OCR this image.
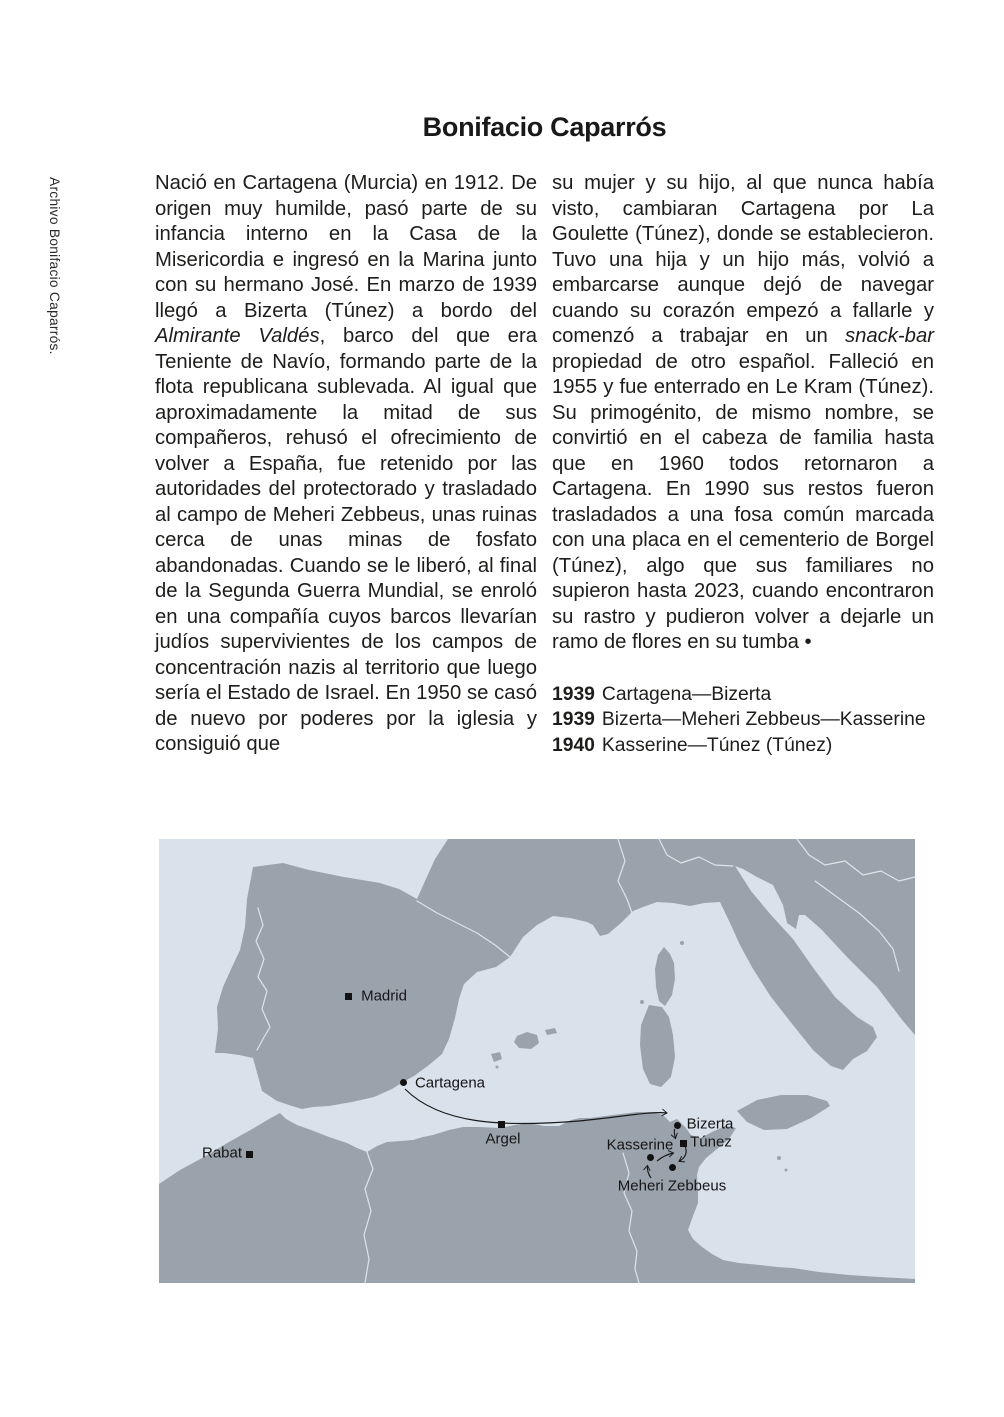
Bonifacio Caparrós
Archivo Bonifacio Caparrós.	Nació en Cartagena (Murcia) en 1912. De origen muy humilde, pasó parte de su infancia interno en la Casa de la Misericordia e ingresó en la Marina junto con su hermano José. En marzo de 1939 llegó a Bizerta (Túnez) a bordo del Almirante Valdés, barco del que era Teniente de Navío, formando parte de la flota republicana sublevada. Al igual que aproximadamente la mitad de sus compañeros, rehusó el ofrecimiento de volver a España, fue retenido por las autoridades del protectorado y trasladado al campo de Meheri Zebbeus, unas ruinas cerca de unas minas de fosfato abandonadas. Cuando se le liberó, al final de la Segunda Guerra Mundial, se enroló en una compañía cuyos barcos llevarían judíos supervivientes de los campos de concentración nazis al territorio que luego sería el Estado de Israel. En 1950 se casó de nuevo por poderes por la iglesia y consiguió que

su mujer y su hijo, al que nunca había visto, cambiaran Cartagena por La Goulette (Túnez), donde se establecieron. Tuvo una hija y un hijo más, volvió a embarcarse aunque dejó de navegar cuando su corazón empezó a fallarle y comenzó a trabajar en un snack-bar propiedad de otro español. Falleció en 1955 y fue enterrado en Le Kram (Túnez). Su primogénito, de mismo nombre, se convirtió en el cabeza de familia hasta que en 1960 todos retornaron a Cartagena. En 1990 sus restos fueron trasladados a una fosa común marcada con una placa en el cementerio de Borgel (Túnez), algo que sus familiares no supieron hasta 2023, cuando encontraron su rastro y pudieron volver a dejarle un ramo de flores en su tumba •

1939 Cartagena—Bizerta
1939 Bizerta—Meheri Zebbeus—Kasserine
1940 Kasserine—Túnez (Túnez)
Madrid
Cartagena
Argel
Rabat
Bizerta
Túnez
Kasserine
Meheri Zebbeus
